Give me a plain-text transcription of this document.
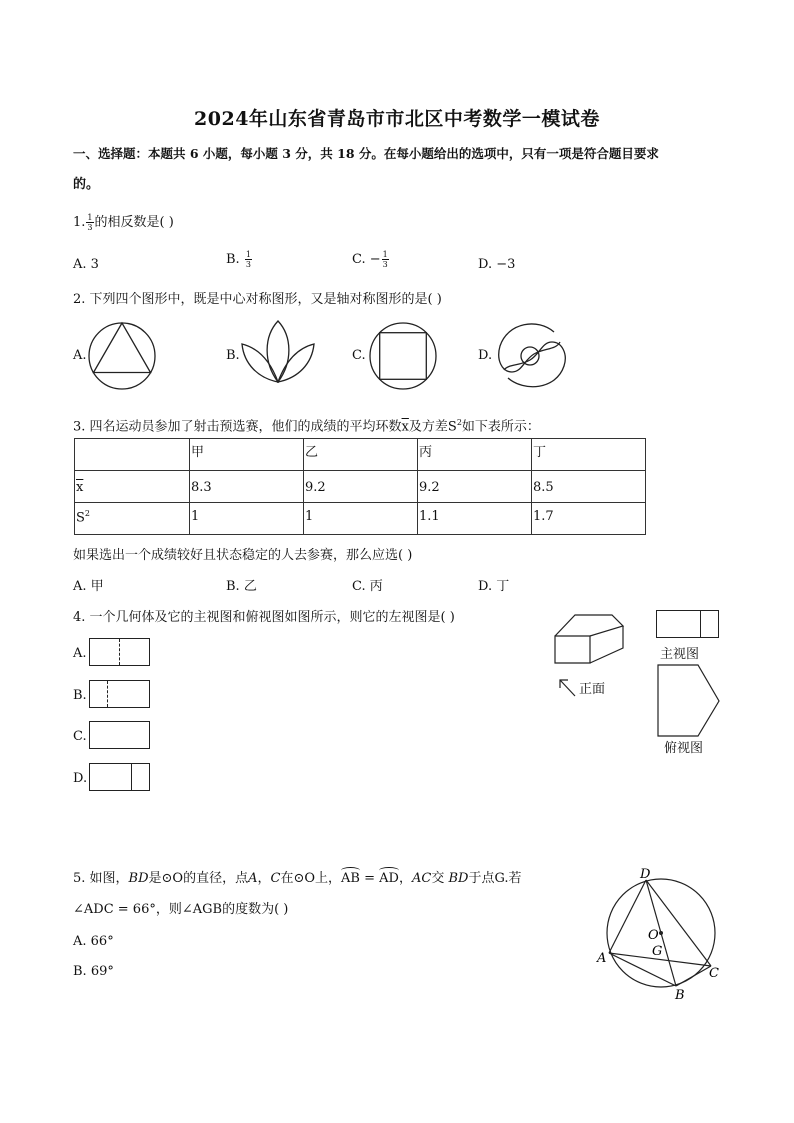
2024年山东省青岛市市北区中考数学一模试卷
一、选择题：本题共 6 小题，每小题 3 分，共 18 分。在每小题给出的选项中，只有一项是符合题目要求
的。
1. $\frac{1}{3}$ 的相反数是( )
A. 3	B. $\frac{1}{3}$	C. − $\frac{1}{3}$	D. −3
2. 下列四个图形中，既是中心对称图形，又是轴对称图形的是( )
A.	B.	C.	D.
3. 四名运动员参加了射击预选赛，他们的成绩的平均环数$\overline{x}$及方差$S^2$如下表所示：
	甲	乙	丙	丁
$\overline{x}$	8.3	9.2	9.2	8.5
$S^2$	1	1	1.1	1.7
如果选出一个成绩较好且状态稳定的人去参赛，那么应选( )
A. 甲	B. 乙	C. 丙	D. 丁
4. 一个几何体及它的主视图和俯视图如图所示，则它的左视图是( )
A.
B.
C.
D.
正面
主视图
俯视图
5. 如图，BD是⊙O的直径，点A，C在⊙O上，AB = AD，AC交 BD于点G.若
∠ADC = 66°，则∠AGB的度数为( )
A. 66°
B. 69°
D
O
G
A
C
B
